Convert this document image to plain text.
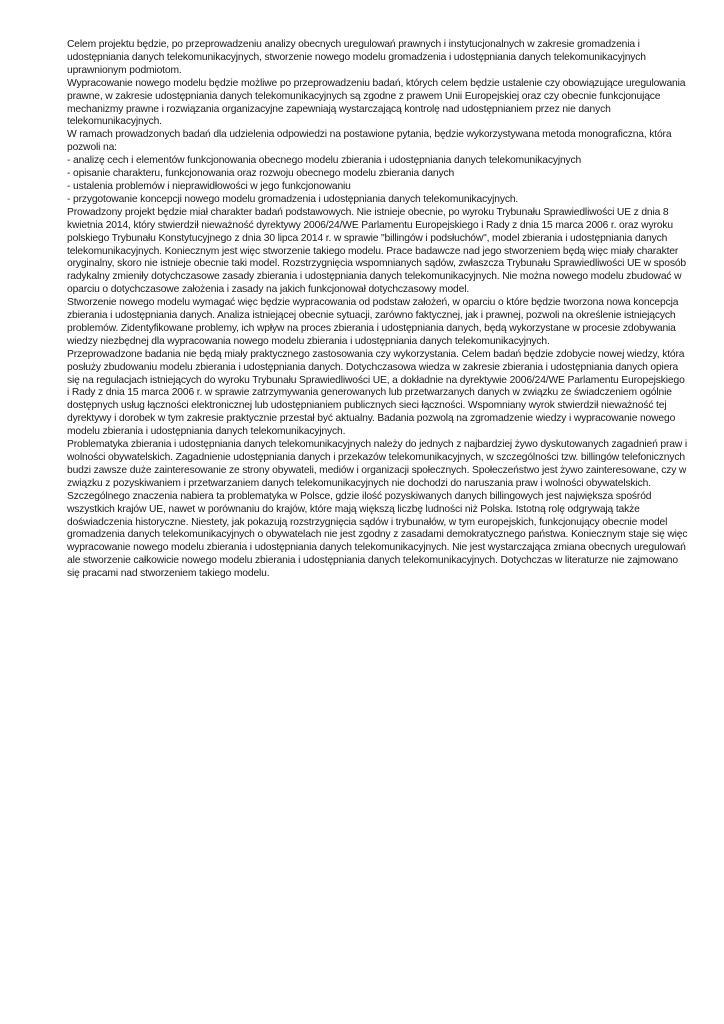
Celem projektu będzie, po przeprowadzeniu analizy obecnych uregulowań prawnych i instytucjonalnych w zakresie gromadzenia i udostępniania danych telekomunikacyjnych, stworzenie nowego modelu gromadzenia i udostępniania danych telekomunikacyjnych uprawnionym podmiotom.

Wypracowanie nowego modelu będzie możliwe po przeprowadzeniu badań, których celem będzie ustalenie czy obowiązujące uregulowania prawne, w zakresie udostępniania danych telekomunikacyjnych są zgodne z prawem Unii Europejskiej oraz czy obecnie funkcjonujące mechanizmy prawne i rozwiązania organizacyjne zapewniają wystarczającą kontrolę nad udostępnianiem przez nie danych telekomunikacyjnych.

W ramach prowadzonych badań dla udzielenia odpowiedzi na postawione pytania, będzie wykorzystywana metoda monograficzna, która pozwoli na:

- analizę cech i elementów funkcjonowania obecnego modelu zbierania i udostępniania danych telekomunikacyjnych

- opisanie charakteru, funkcjonowania oraz rozwoju obecnego modelu zbierania danych

- ustalenia problemów i nieprawidłowości w jego funkcjonowaniu

- przygotowanie koncepcji nowego modelu gromadzenia i udostępniania danych telekomunikacyjnych.

Prowadzony projekt będzie miał charakter badań podstawowych. Nie istnieje obecnie, po wyroku Trybunału Sprawiedliwości UE z dnia 8 kwietnia 2014, który stwierdził nieważność dyrektywy 2006/24/WE Parlamentu Europejskiego i Rady z dnia 15 marca 2006 r. oraz wyroku polskiego Trybunału Konstytucyjnego z dnia 30 lipca 2014 r. w sprawie "billingów i podsłuchów", model zbierania i udostępniania danych telekomunikacyjnych. Koniecznym jest więc stworzenie takiego modelu. Prace badawcze nad jego stworzeniem będą więc miały charakter oryginalny, skoro nie istnieje obecnie taki model. Rozstrzygnięcia wspomnianych sądów, zwłaszcza Trybunału Sprawiedliwości UE w sposób radykalny zmieniły dotychczasowe zasady zbierania i udostępniania danych telekomunikacyjnych. Nie można nowego modelu zbudować w oparciu o dotychczasowe założenia i zasady na jakich funkcjonował dotychczasowy model.

Stworzenie nowego modelu wymagać więc będzie wypracowania od podstaw założeń, w oparciu o które będzie tworzona nowa koncepcja zbierania i udostępniania danych. Analiza istniejącej obecnie sytuacji, zarówno faktycznej, jak i prawnej, pozwoli na określenie istniejących problemów. Zidentyfikowane problemy, ich wpływ na proces zbierania i udostępniania danych, będą wykorzystane w procesie zdobywania wiedzy niezbędnej dla wypracowania nowego modelu zbierania i udostępniania danych telekomunikacyjnych.

Przeprowadzone badania nie będą miały praktycznego zastosowania czy wykorzystania. Celem badań będzie zdobycie nowej wiedzy, która posłuży zbudowaniu modelu zbierania i udostępniania danych. Dotychczasowa wiedza w zakresie zbierania i udostępniania danych opiera się na regulacjach istniejących do wyroku Trybunału Sprawiedliwości UE, a dokładnie na dyrektywie 2006/24/WE Parlamentu Europejskiego i Rady z dnia 15 marca 2006 r. w sprawie zatrzymywania generowanych lub przetwarzanych danych w związku ze świadczeniem ogólnie dostępnych usług łączności elektronicznej lub udostępnianiem publicznych sieci łączności. Wspomniany wyrok stwierdził nieważność tej dyrektywy i dorobek w tym zakresie praktycznie przestał być aktualny. Badania pozwolą na zgromadzenie wiedzy i wypracowanie nowego modelu zbierania i udostępniania danych telekomunikacyjnych.

Problematyka zbierania i udostępniania danych telekomunikacyjnych należy do jednych z najbardziej żywo dyskutowanych zagadnień praw i wolności obywatelskich. Zagadnienie udostępniania danych i przekazów telekomunikacyjnych, w szczególności tzw. billingów telefonicznych budzi zawsze duże zainteresowanie ze strony obywateli, mediów i organizacji społecznych. Społeczeństwo jest żywo zainteresowane, czy w związku z pozyskiwaniem i przetwarzaniem danych telekomunikacyjnych nie dochodzi do naruszania praw i wolności obywatelskich.

Szczególnego znaczenia nabiera ta problematyka w Polsce, gdzie ilość pozyskiwanych danych billingowych jest największa spośród wszystkich krajów UE, nawet w porównaniu do krajów, które mają większą liczbę ludności niż Polska. Istotną rolę odgrywają także doświadczenia historyczne. Niestety, jak pokazują rozstrzygnięcia sądów i trybunałów, w tym europejskich, funkcjonujący obecnie model gromadzenia danych telekomunikacyjnych o obywatelach nie jest zgodny z zasadami demokratycznego państwa. Koniecznym staje się więc wypracowanie nowego modelu zbierania i udostępniania danych telekomunikacyjnych. Nie jest wystarczająca zmiana obecnych uregulowań ale stworzenie całkowicie nowego modelu zbierania i udostępniania danych telekomunikacyjnych. Dotychczas w literaturze nie zajmowano się pracami nad stworzeniem takiego modelu.
